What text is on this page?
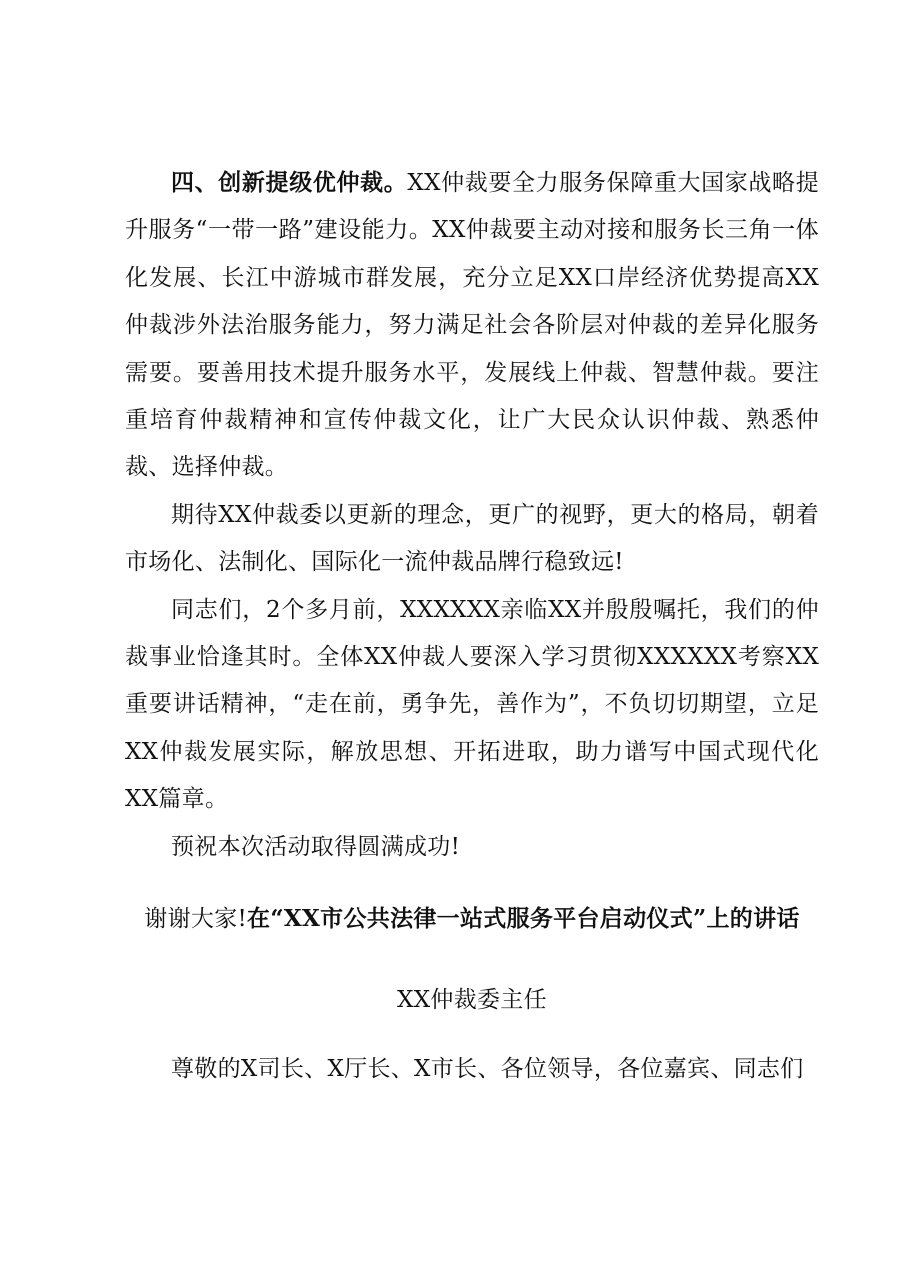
四、创新提级优仲裁。XX仲裁要全力服务保障重大国家战略提升服务“一带一路”建设能力。XX仲裁要主动对接和服务长三角一体化发展、长江中游城市群发展，充分立足XX口岸经济优势提高XX仲裁涉外法治服务能力，努力满足社会各阶层对仲裁的差异化服务需要。要善用技术提升服务水平，发展线上仲裁、智慧仲裁。要注重培育仲裁精神和宣传仲裁文化，让广大民众认识仲裁、熟悉仲裁、选择仲裁。

期待XX仲裁委以更新的理念，更广的视野，更大的格局，朝着市场化、法制化、国际化一流仲裁品牌行稳致远!

同志们，2个多月前，XXXXXX亲临XX并殷殷嘱托，我们的仲裁事业恰逢其时。全体XX仲裁人要深入学习贯彻XXXXXX考察XX重要讲话精神，“走在前，勇争先，善作为”，不负切切期望，立足XX仲裁发展实际，解放思想、开拓进取，助力谱写中国式现代化XX篇章。

预祝本次活动取得圆满成功!

谢谢大家!在“XX市公共法律一站式服务平台启动仪式”上的讲话
XX仲裁委主任

尊敬的X司长、X厅长、X市长、各位领导，各位嘉宾、同志们
